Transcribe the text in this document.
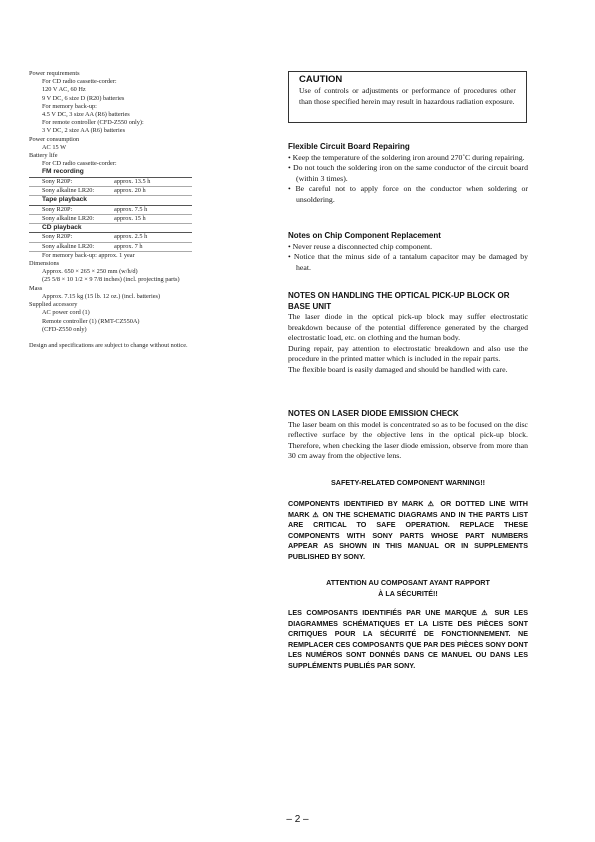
Power requirements
For CD radio cassette-corder:
120 V AC, 60 Hz
9 V DC, 6 size D (R20) batteries
For memory back-up:
4.5 V DC, 3 size AA (R6) batteries
For remote controller (CFD-Z550 only):
3 V DC, 2 size AA (R6) batteries
Power consumption
AC 15 W
Battery life
For CD radio cassette-corder:
FM recording
Sony R20P:	approx. 13.5 h
Sony alkaline LR20:	approx. 20 h
Tape playback
Sony R20P:	approx. 7.5 h
Sony alkaline LR20:	approx. 15 h
CD playback
Sony R20P:	approx. 2.5 h
Sony alkaline LR20:	approx. 7 h
For memory back-up: approx. 1 year
Dimensions
Approx. 650 × 265 × 250 mm (w/h/d)
(25 5/8 × 10 1/2 × 9 7/8 inches) (incl. projecting parts)
Mass
Approx. 7.15 kg (15 lb. 12 oz.) (incl. batteries)
Supplied accessory
AC power cord (1)
Remote controller (1) (RMT-CZ550A)
(CFD-Z550 only)
Design and specifications are subject to change without notice.
CAUTION
Use of controls or adjustments or performance of procedures other than those specified herein may result in hazardous radiation exposure.
Flexible Circuit Board Repairing
• Keep the temperature of the soldering iron around 270˚C during repairing.
• Do not touch the soldering iron on the same conductor of the circuit board (within 3 times).
• Be careful not to apply force on the conductor when soldering or unsoldering.
Notes on Chip Component Replacement
• Never reuse a disconnected chip component.
• Notice that the minus side of a tantalum capacitor may be damaged by heat.
NOTES ON HANDLING THE OPTICAL PICK-UP BLOCK OR BASE UNIT
The laser diode in the optical pick-up block may suffer electrostatic breakdown because of the potential difference generated by the charged electrostatic load, etc. on clothing and the human body.
During repair, pay attention to electrostatic breakdown and also use the procedure in the printed matter which is included in the repair parts.
The flexible board is easily damaged and should be handled with care.
NOTES ON LASER DIODE EMISSION CHECK
The laser beam on this model is concentrated so as to be focused on the disc reflective surface by the objective lens in the optical pick-up block. Therefore, when checking the laser diode emission, observe from more than 30 cm away from the objective lens.
SAFETY-RELATED COMPONENT WARNING!!
COMPONENTS IDENTIFIED BY MARK ⚠ OR DOTTED LINE WITH MARK ⚠ ON THE SCHEMATIC DIAGRAMS AND IN THE PARTS LIST ARE CRITICAL TO SAFE OPERATION. REPLACE THESE COMPONENTS WITH SONY PARTS WHOSE PART NUMBERS APPEAR AS SHOWN IN THIS MANUAL OR IN SUPPLEMENTS PUBLISHED BY SONY.
ATTENTION AU COMPOSANT AYANT RAPPORT
À LA SÉCURITÉ!!
LES COMPOSANTS IDENTIFIÉS PAR UNE MARQUE ⚠ SUR LES DIAGRAMMES SCHÉMATIQUES ET LA LISTE DES PIÈCES SONT CRITIQUES POUR LA SÉCURITÉ DE FONCTIONNEMENT. NE REMPLACER CES COMPOSANTS QUE PAR DES PIÈCES SONY DONT LES NUMÉROS SONT DONNÉS DANS CE MANUEL OU DANS LES SUPPLÉMENTS PUBLIÉS PAR SONY.
– 2 –
